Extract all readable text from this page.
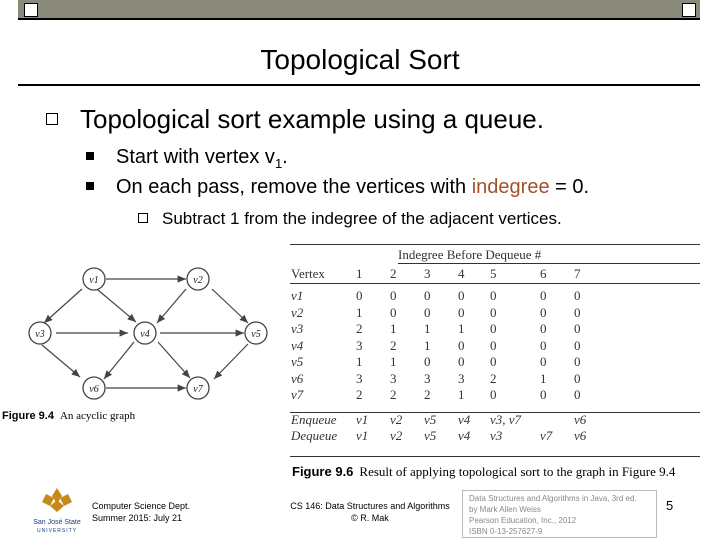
Topological Sort
Topological sort example using a queue.
Start with vertex $v_1$.
On each pass, remove the vertices with indegree = 0.
Subtract 1 from the indegree of the adjacent vertices.
v1	v2
v3	v4	v5
v6	v7
Figure 9.4 An acyclic graph
Indegree Before Dequeue #
Vertex 1 2 3 4 5	6 7
v1	0 0 0 0 0	0 0
v2	1 0 0 0 0	0 0
v3	2 1 1 1 0	0 0
v4	3 2 1 0 0	0 0
v5	1 1 0 0 0	0 0
v6	3 3 3 3 2	1 0
v7	2 2 2 1 0	0 0
Enqueue v1 v2 v5 v4 v3, v7	v6
Dequeue v1 v2 v5 v4 v3	v7 v6
Figure 9.6 Result of applying topological sort to the graph in Figure 9.4
San José State
UNIVERSITY
Computer Science Dept.
Summer 2015: July 21
CS 146: Data Structures and Algorithms
© R. Mak
Data Structures and Algorithms in Java, 3rd ed.
by Mark Allen Weiss
Pearson Education, Inc., 2012
ISBN 0-13-257627-9
5
